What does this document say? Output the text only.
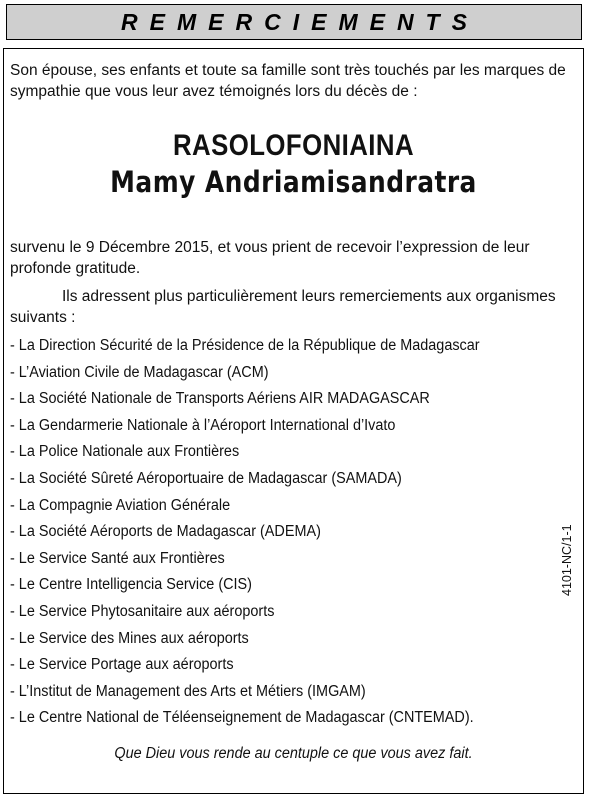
REMERCIEMENTS
Son épouse, ses enfants et toute sa famille sont très touchés par les marques de sympathie que vous leur avez témoignés lors du décès de :
RASOLOFONIAINA
Mamy Andriamisandratra
survenu le 9 Décembre 2015, et vous prient de recevoir l’expression de leur profonde gratitude.
Ils adressent plus particulièrement leurs remerciements aux organismes
suivants :
- La Direction Sécurité de la Présidence de la République de Madagascar
- L’Aviation Civile de Madagascar (ACM)
- La Société Nationale de Transports Aériens AIR MADAGASCAR
- La Gendarmerie Nationale à l’Aéroport International d’Ivato
- La Police Nationale aux Frontières
- La Société Sûreté Aéroportuaire de Madagascar (SAMADA)
- La Compagnie Aviation Générale
- La Société Aéroports de Madagascar (ADEMA)
- Le Service Santé aux Frontières
- Le Centre Intelligencia Service (CIS)
- Le Service Phytosanitaire aux aéroports
- Le Service des Mines aux aéroports
- Le Service Portage aux aéroports
- L’Institut de Management des Arts et Métiers (IMGAM)
- Le Centre National de Téléenseignement de Madagascar (CNTEMAD).
Que Dieu vous rende au centuple ce que vous avez fait.
4101-NC/1-1
